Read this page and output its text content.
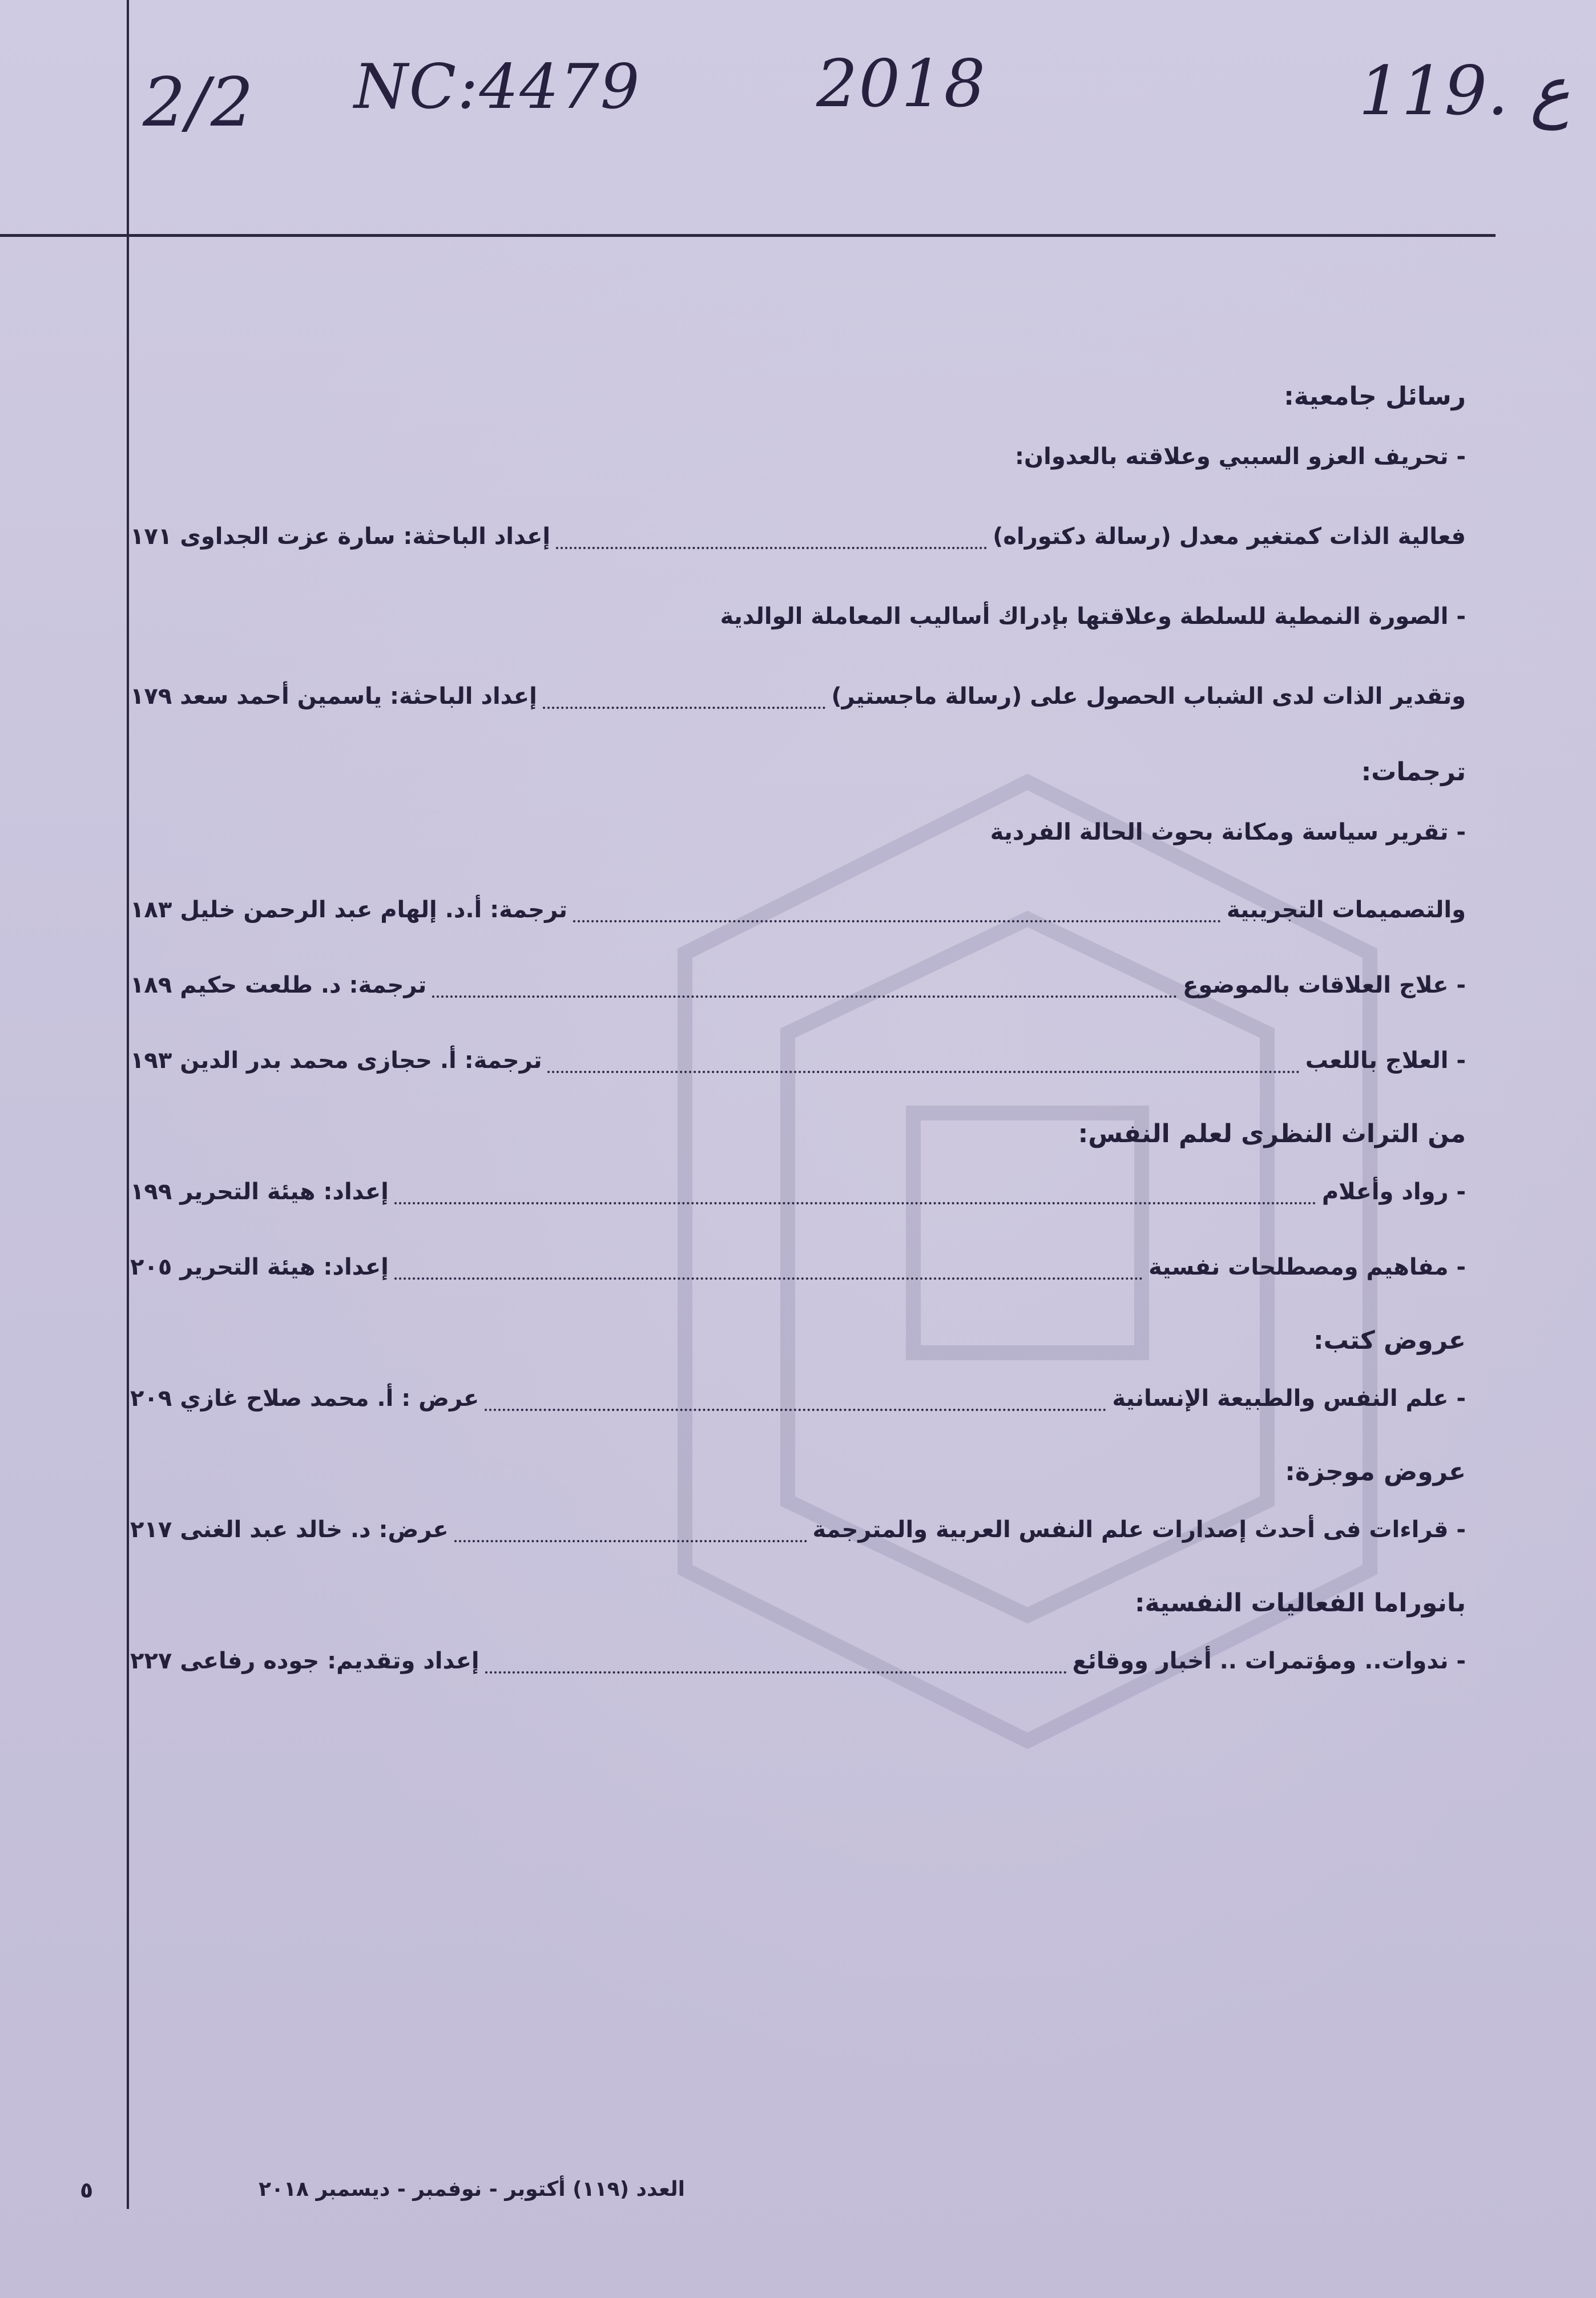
2/2 NC:4479	2018	119. ع
رسائل جامعية:
- تحريف العزو السببي وعلاقته بالعدوان:
فعالية الذات كمتغير معدل (رسالة دكتوراه)
إعداد الباحثة: سارة عزت الجداوى
١٧١
- الصورة النمطية للسلطة وعلاقتها بإدراك أساليب المعاملة الوالدية
وتقدير الذات لدى الشباب الحصول على (رسالة ماجستير)
إعداد الباحثة: ياسمين أحمد سعد
١٧٩
ترجمات:
- تقرير سياسة ومكانة بحوث الحالة الفردية
والتصميمات التجريبية
ترجمة: أ.د. إلهام عبد الرحمن خليل
١٨٣
- علاج العلاقات بالموضوع
ترجمة: د. طلعت حكيم
١٨٩
- العلاج باللعب
ترجمة: أ. حجازى محمد بدر الدين
١٩٣
من التراث النظرى لعلم النفس:
- رواد وأعلام
إعداد: هيئة التحرير
١٩٩
- مفاهيم ومصطلحات نفسية
إعداد: هيئة التحرير
٢٠٥
عروض كتب:
- علم النفس والطبيعة الإنسانية
عرض : أ. محمد صلاح غازي
٢٠٩
عروض موجزة:
- قراءات فى أحدث إصدارات علم النفس العربية والمترجمة
عرض: د. خالد عبد الغنى
٢١٧
بانوراما الفعاليات النفسية:
- ندوات.. ومؤتمرات .. أخبار ووقائع
إعداد وتقديم: جوده رفاعى
٢٢٧
العدد (١١٩) أكتوبر - نوفمبر - ديسمبر ٢٠١٨
٥
